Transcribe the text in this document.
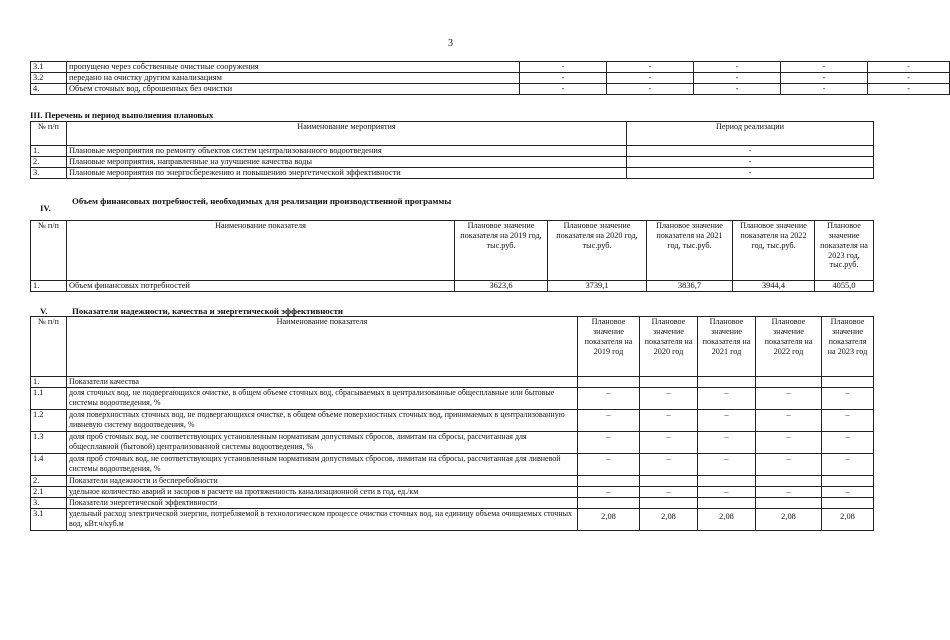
3
3.1	пропущено через собственные очистные сооружения	-	-	-	-	-
3.2	передано на очистку другим канализациям	-	-	-	-	-
4.	Объем сточных вод, сброшенных без очистки	-	-	-	-	-
III. Перечень и период выполнения плановых
№ п/п	Наименование мероприятия	Период реализации
1.	Плановые мероприятия по ремонту объектов систем централизованного водоотведения	-
2.	Плановые мероприятия, направленные на улучшение качества воды	-
3.	Плановые мероприятия по энергосбережению и повышению энергетической эффективности	-
IV.
Объем финансовых потребностей, необходимых для реализации производственной программы
№ п/п	Наименование показателя	Плановое значение показателя на 2019 год, тыс.руб.	Плановое значение показателя на 2020 год, тыс.руб.	Плановое значение показателя на 2021 год, тыс.руб.	Плановое значение показателя на 2022 год, тыс.руб.	Плановое значение показателя на 2023 год, тыс.руб.
1.	Объем финансовых потребностей	3623,6	3739,1	3836,7	3944,4	4055,0
V.	Показатели надежности, качества и энергетической эффективности
№ п/п	Наименование показателя	Плановое значение показателя на 2019 год	Плановое значение показателя на 2020 год	Плановое значение показателя на 2021 год	Плановое значение показателя на 2022 год	Плановое значение показателя на 2023 год
1.	Показатели качества					
1.1	доля сточных вод, не подвергающихся очистке, в общем объеме сточных вод, сбрасываемых в централизованные общесплавные или бытовые системы водоотведения, %	–	–	–	–	–
1.2	доля поверхностных сточных вод, не подвергающихся очистке, в общем объеме поверхностных сточных вод, принимаемых в централизованную ливневую систему водоотведения, %	–	–	–	–	–
1.3	доля проб сточных вод, не соответствующих установленным нормативам допустимых сбросов, лимитам на сбросы, рассчитанная для общесплавной (бытовой) централизованной системы водоотведения, %	–	–	–	–	–
1.4	доля проб сточных вод, не соответствующих установленным нормативам допустимых сбросов, лимитам на сбросы, рассчитанная для ливневой системы водоотведения, %	–	–	–	–	–
2.	Показатели надежности и бесперебойности					
2.1	удельное количество аварий и засоров в расчете на протяженность канализационной сети в год, ед./км	–	–	–	–	–
3.	Показатели энергетической эффективности					
3.1	удельный расход электрической энергии, потребляемой в технологическом процессе очистки сточных вод, на единицу объема очищаемых сточных вод, кВт.ч/куб.м	2,08	2,08	2,08	2,08	2,08
